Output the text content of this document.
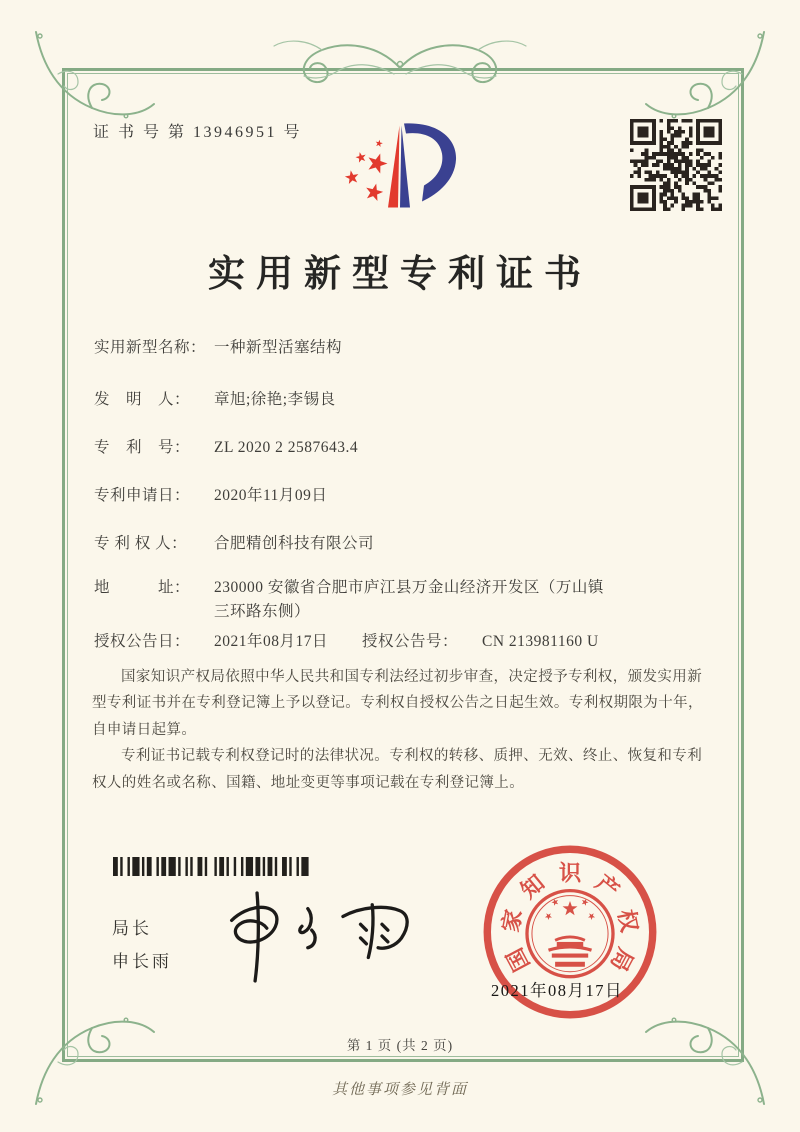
证 书 号 第 13946951 号
实用新型专利证书
实用新型名称： 一种新型活塞结构
发　明　人：	章旭;徐艳;李锡良
专　利　号：	ZL 2020 2 2587643.4
专利申请日：	2020年11月09日
专 利 权 人：	合肥精创科技有限公司
地　　　址：	230000 安徽省合肥市庐江县万金山经济开发区（万山镇三环路东侧）
授权公告日：	2021年08月17日 授权公告号：	CN 213981160 U

国家知识产权局依照中华人民共和国专利法经过初步审查，决定授予专利权，颁发实用新型专利证书并在专利登记簿上予以登记。专利权自授权公告之日起生效。专利权期限为十年，自申请日起算。

专利证书记载专利权登记时的法律状况。专利权的转移、质押、无效、终止、恢复和专利权人的姓名或名称、国籍、地址变更等事项记载在专利登记簿上。

局长
申长雨	国
家
知 识 产
权
局
2021年08月17日
第 1 页 (共 2 页)
其他事项参见背面
